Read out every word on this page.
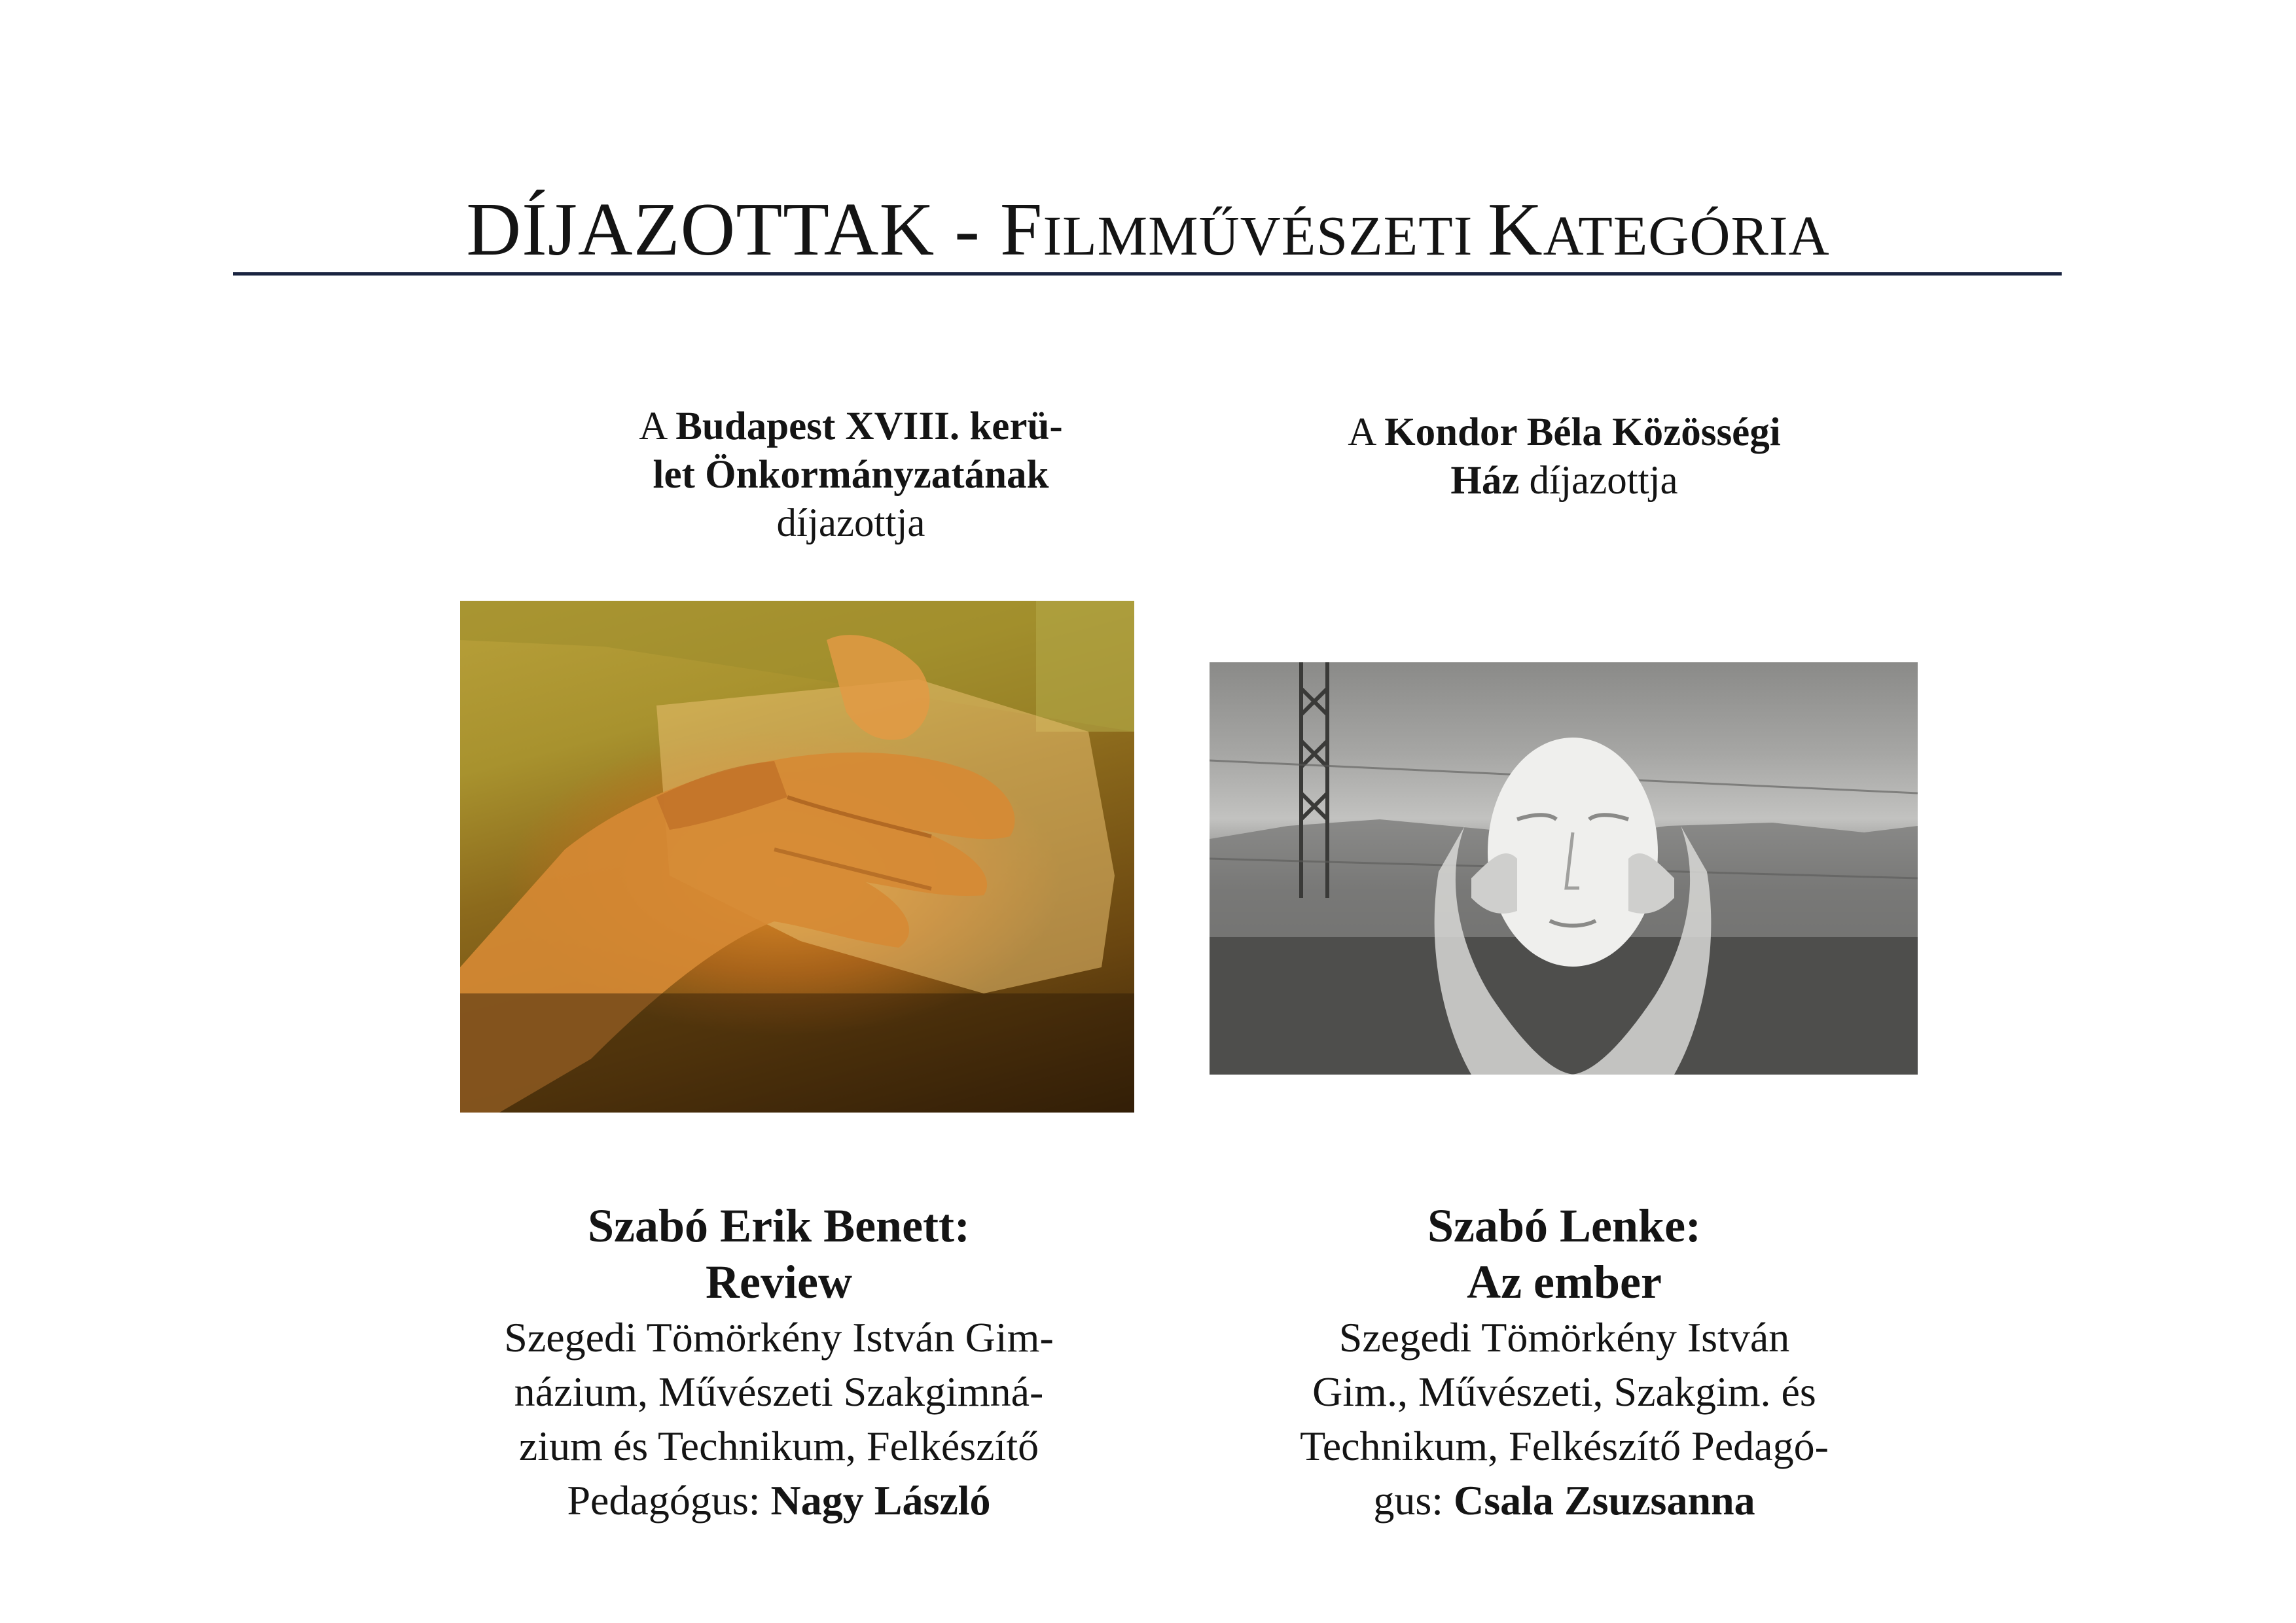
DÍJAZOTTAK - FILMMŰVÉSZETI KATEGÓRIA
A Budapest XVIII. kerü-
let Önkormányzatának
díjazottja
Szabó Erik Benett:
Review
Szegedi Tömörkény István Gim-
názium, Művészeti Szakgimná-
zium és Technikum, Felkészítő
Pedagógus: Nagy László
A Kondor Béla Közösségi
Ház díjazottja
Szabó Lenke:
Az ember
Szegedi Tömörkény István
Gim., Művészeti, Szakgim. és
Technikum, Felkészítő Pedagó-
gus: Csala Zsuzsanna
